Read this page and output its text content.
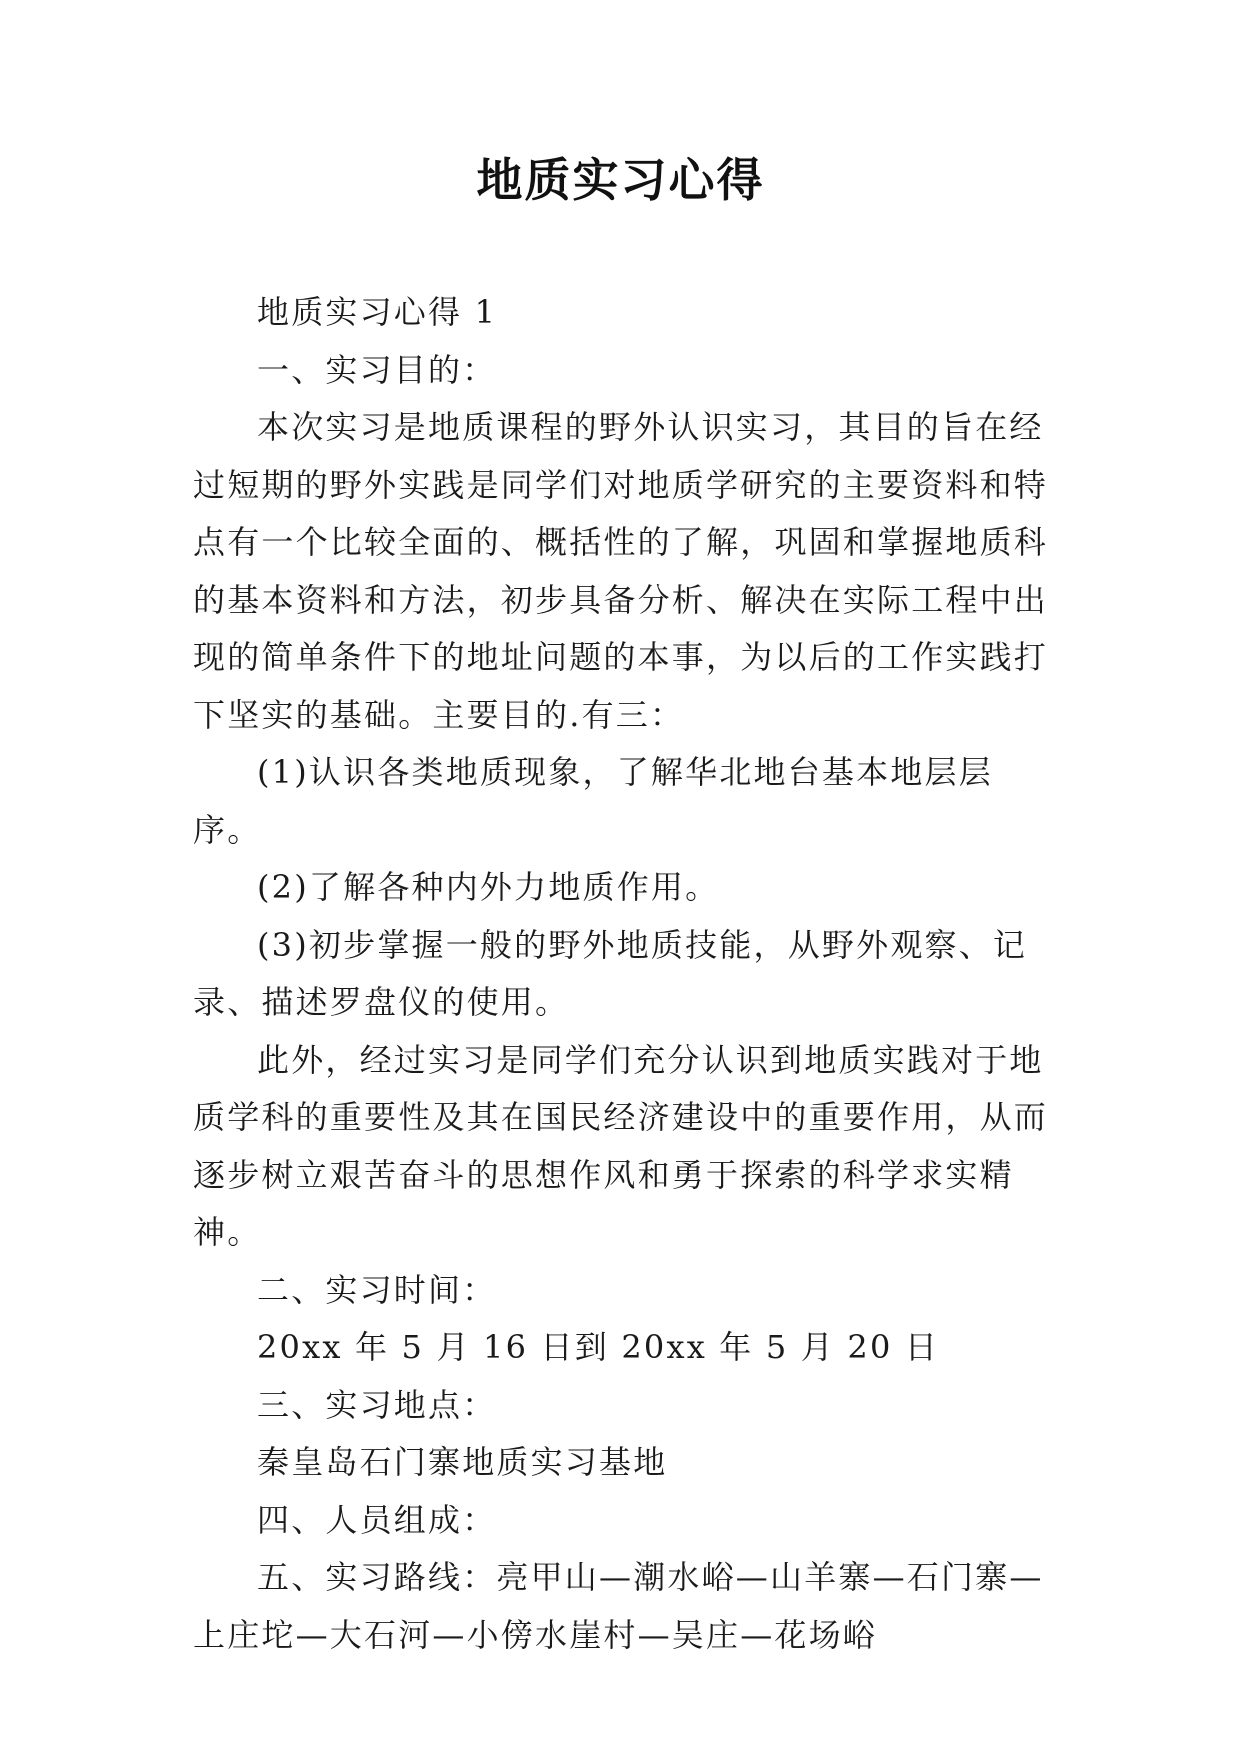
地质实习心得

地质实习心得 1

一、实习目的：

本次实习是地质课程的野外认识实习，其目的旨在经过短期的野外实践是同学们对地质学研究的主要资料和特点有一个比较全面的、概括性的了解，巩固和掌握地质科的基本资料和方法，初步具备分析、解决在实际工程中出现的简单条件下的地址问题的本事，为以后的工作实践打下坚实的基础。主要目的.有三：

(1)认识各类地质现象，了解华北地台基本地层层序。

(2)了解各种内外力地质作用。

(3)初步掌握一般的野外地质技能，从野外观察、记录、描述罗盘仪的使用。

此外，经过实习是同学们充分认识到地质实践对于地质学科的重要性及其在国民经济建设中的重要作用，从而逐步树立艰苦奋斗的思想作风和勇于探索的科学求实精神。

二、实习时间：

20xx 年 5 月 16 日到 20xx 年 5 月 20 日

三、实习地点：

秦皇岛石门寨地质实习基地

四、人员组成：

五、实习路线：亮甲山—潮水峪—山羊寨—石门寨—上庄坨—大石河—小傍水崖村—吴庄—花场峪
